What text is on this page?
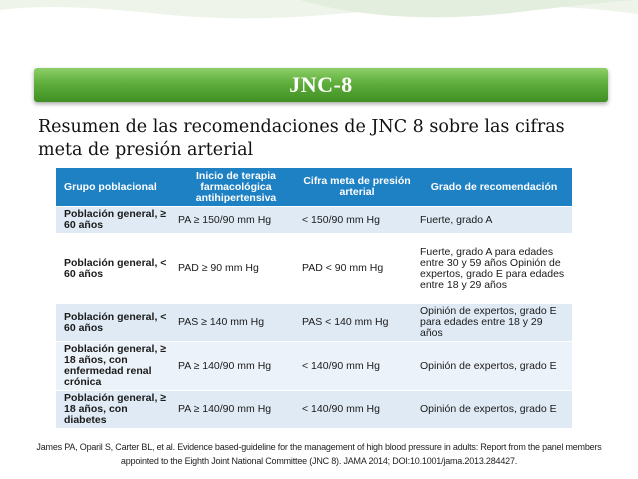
JNC-8
Resumen de las recomendaciones de JNC 8 sobre las cifras meta de presión arterial
Grupo poblacional	Inicio de terapia farmacológica antihipertensiva	Cifra meta de presión arterial	Grado de recomendación
Población general, ≥ 60 años	PA ≥ 150/90 mm Hg	< 150/90 mm Hg	Fuerte, grado A
Población general, < 60 años	PAD ≥ 90 mm Hg	PAD < 90 mm Hg	Fuerte, grado A para edades entre 30 y 59 años Opinión de expertos, grado E para edades entre 18 y 29 años
Población general, < 60 años	PAS ≥ 140 mm Hg	PAS < 140 mm Hg	Opinión de expertos, grado E para edades entre 18 y 29 años
Población general, ≥ 18 años, con enfermedad renal crónica	PA ≥ 140/90 mm Hg	< 140/90 mm Hg	Opinión de expertos, grado E
Población general, ≥ 18 años, con diabetes	PA ≥ 140/90 mm Hg	< 140/90 mm Hg	Opinión de expertos, grado E
James PA, Oparil S, Carter BL, et al. Evidence based-guideline for the management of high blood pressure in adults: Report from the panel members
appointed to the Eighth Joint National Committee (JNC 8). JAMA 2014; DOI:10.1001/jama.2013.284427.
